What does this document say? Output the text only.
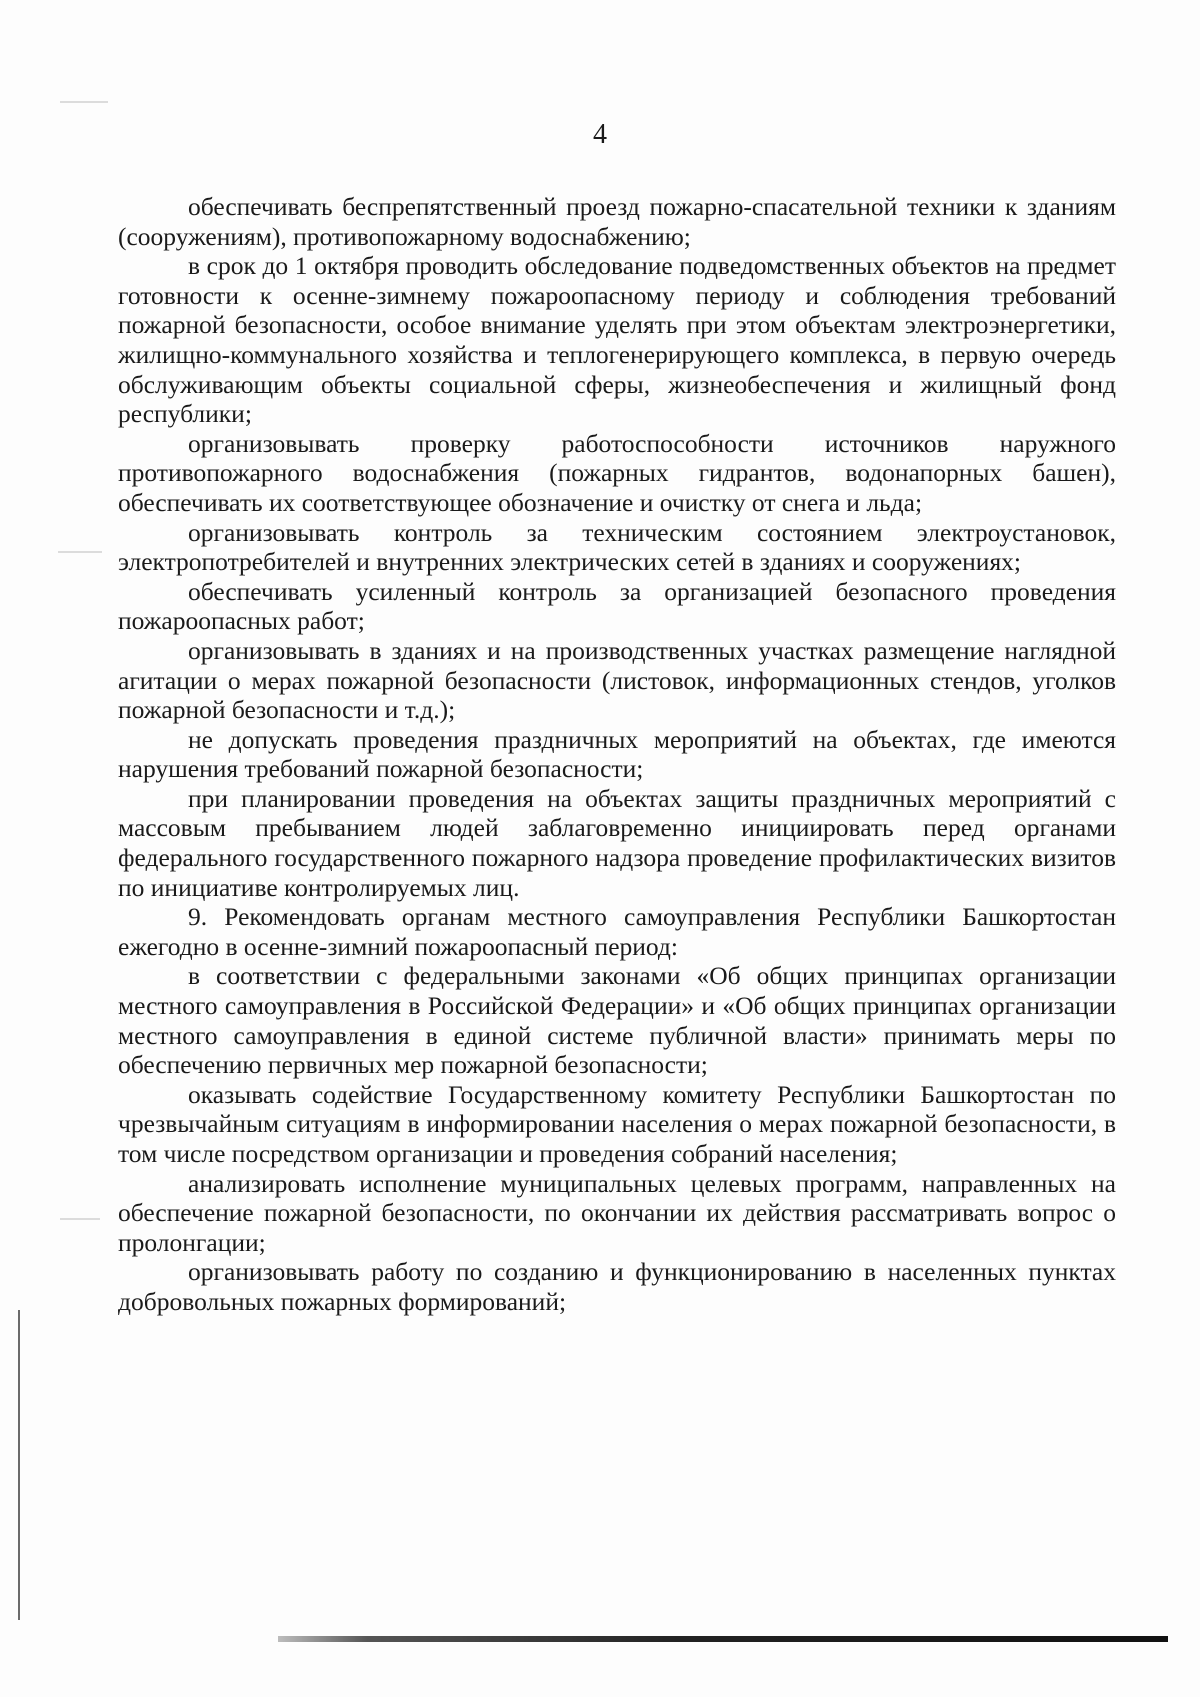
4

обеспечивать беспрепятственный проезд пожарно-спасательной техники к зданиям (сооружениям), противопожарному водоснабжению;

в срок до 1 октября проводить обследование подведомственных объектов на предмет готовности к осенне-зимнему пожароопасному периоду и соблюдения требований пожарной безопасности, особое внимание уделять при этом объектам электроэнергетики, жилищно-коммунального хозяйства и теплогенерирующего комплекса, в первую очередь обслуживающим объекты социальной сферы, жизнеобеспечения и жилищный фонд республики;

организовывать проверку работоспособности источников наружного противопожарного водоснабжения (пожарных гидрантов, водонапорных башен), обеспечивать их соответствующее обозначение и очистку от снега и льда;

организовывать контроль за техническим состоянием электроустановок, электропотребителей и внутренних электрических сетей в зданиях и сооружениях;

обеспечивать усиленный контроль за организацией безопасного проведения пожароопасных работ;

организовывать в зданиях и на производственных участках размещение наглядной агитации о мерах пожарной безопасности (листовок, информационных стендов, уголков пожарной безопасности и т.д.);

не допускать проведения праздничных мероприятий на объектах, где имеются нарушения требований пожарной безопасности;

при планировании проведения на объектах защиты праздничных мероприятий с массовым пребыванием людей заблаговременно инициировать перед органами федерального государственного пожарного надзора проведение профилактических визитов по инициативе контролируемых лиц.

9. Рекомендовать органам местного самоуправления Республики Башкортостан ежегодно в осенне-зимний пожароопасный период:

в соответствии с федеральными законами «Об общих принципах организации местного самоуправления в Российской Федерации» и «Об общих принципах организации местного самоуправления в единой системе публичной власти» принимать меры по обеспечению первичных мер пожарной безопасности;

оказывать содействие Государственному комитету Республики Башкортостан по чрезвычайным ситуациям в информировании населения о мерах пожарной безопасности, в том числе посредством организации и проведения собраний населения;

анализировать исполнение муниципальных целевых программ, направленных на обеспечение пожарной безопасности, по окончании их действия рассматривать вопрос о пролонгации;

организовывать работу по созданию и функционированию в населенных пунктах добровольных пожарных формирований;
